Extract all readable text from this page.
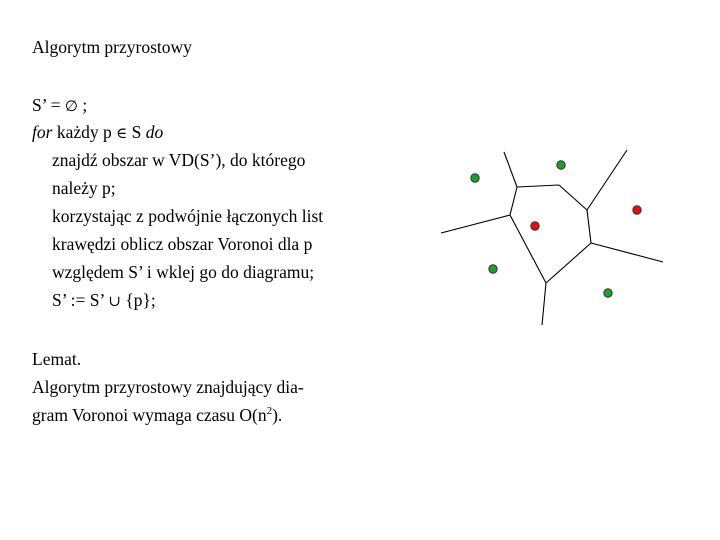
Algorytm przyrostowy
S’ = ∅ ;
for każdy p ∈ S do
znajdź obszar w VD(S’), do którego
należy p;
korzystając z podwójnie łączonych list
krawędzi oblicz obszar Voronoi dla p
względem S’ i wklej go do diagramu;
S’ := S’ ∪ {p};
Lemat.
Algorytm przyrostowy znajdujący dia-
gram Voronoi wymaga czasu $O(n^2)$.
